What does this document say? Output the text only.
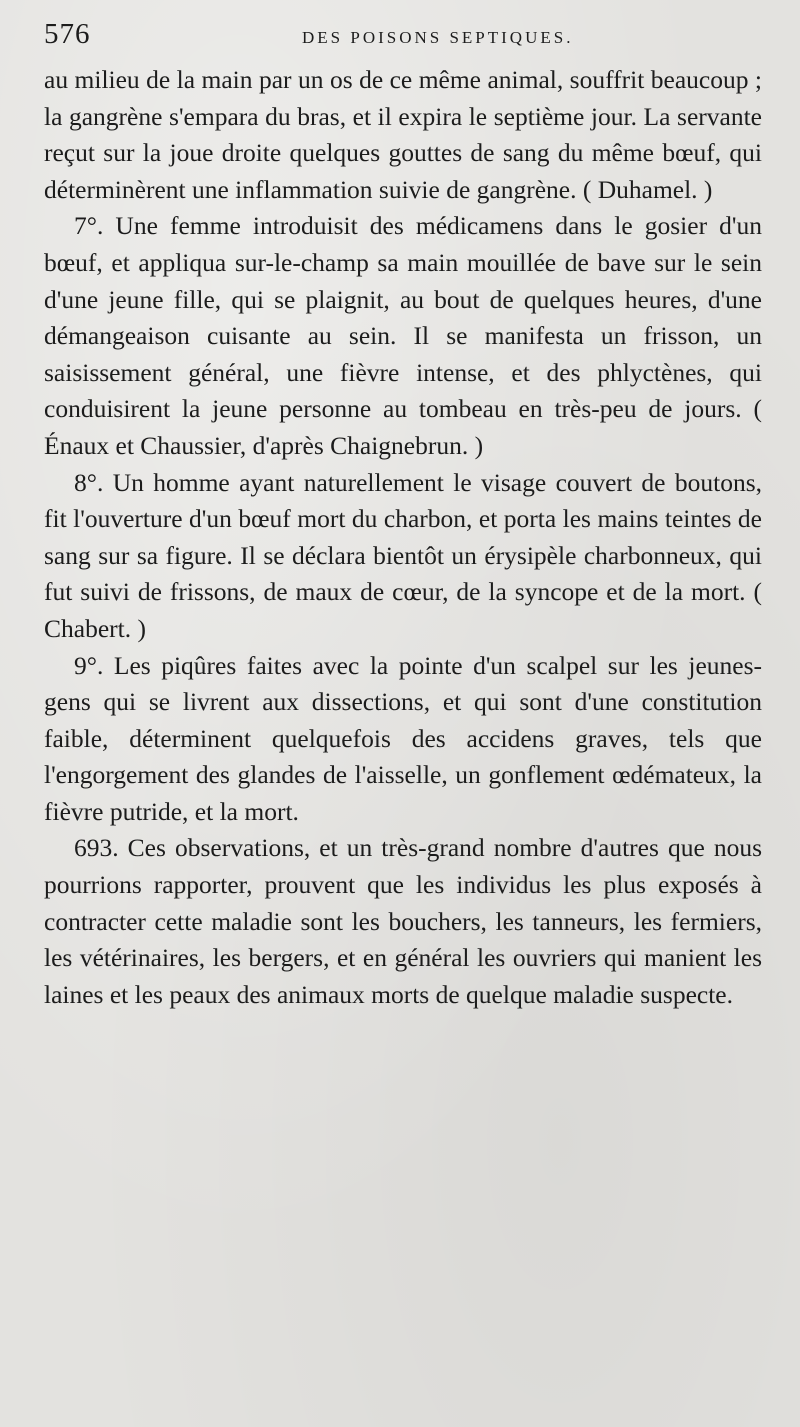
576	DES POISONS SEPTIQUES.

au milieu de la main par un os de ce même animal, souffrit beaucoup ; la gangrène s'empara du bras, et il expira le septième jour. La servante reçut sur la joue droite quelques gouttes de sang du même bœuf, qui déterminèrent une inflammation suivie de gangrène. ( Duhamel. )

7°. Une femme introduisit des médicamens dans le gosier d'un bœuf, et appliqua sur-le-champ sa main mouillée de bave sur le sein d'une jeune fille, qui se plaignit, au bout de quelques heures, d'une démangeaison cuisante au sein. Il se manifesta un frisson, un saisissement général, une fièvre intense, et des phlyctènes, qui conduisirent la jeune personne au tombeau en très-peu de jours. ( Énaux et Chaussier, d'après Chaignebrun. )

8°. Un homme ayant naturellement le visage couvert de boutons, fit l'ouverture d'un bœuf mort du charbon, et porta les mains teintes de sang sur sa figure. Il se déclara bientôt un érysipèle charbonneux, qui fut suivi de frissons, de maux de cœur, de la syncope et de la mort. ( Chabert. )

9°. Les piqûres faites avec la pointe d'un scalpel sur les jeunes-gens qui se livrent aux dissections, et qui sont d'une constitution faible, déterminent quelquefois des accidens graves, tels que l'engorgement des glandes de l'aisselle, un gonflement œdémateux, la fièvre putride, et la mort.

693. Ces observations, et un très-grand nombre d'autres que nous pourrions rapporter, prouvent que les individus les plus exposés à contracter cette maladie sont les bouchers, les tanneurs, les fermiers, les vétérinaires, les bergers, et en général les ouvriers qui manient les laines et les peaux des animaux morts de quelque maladie suspecte.
